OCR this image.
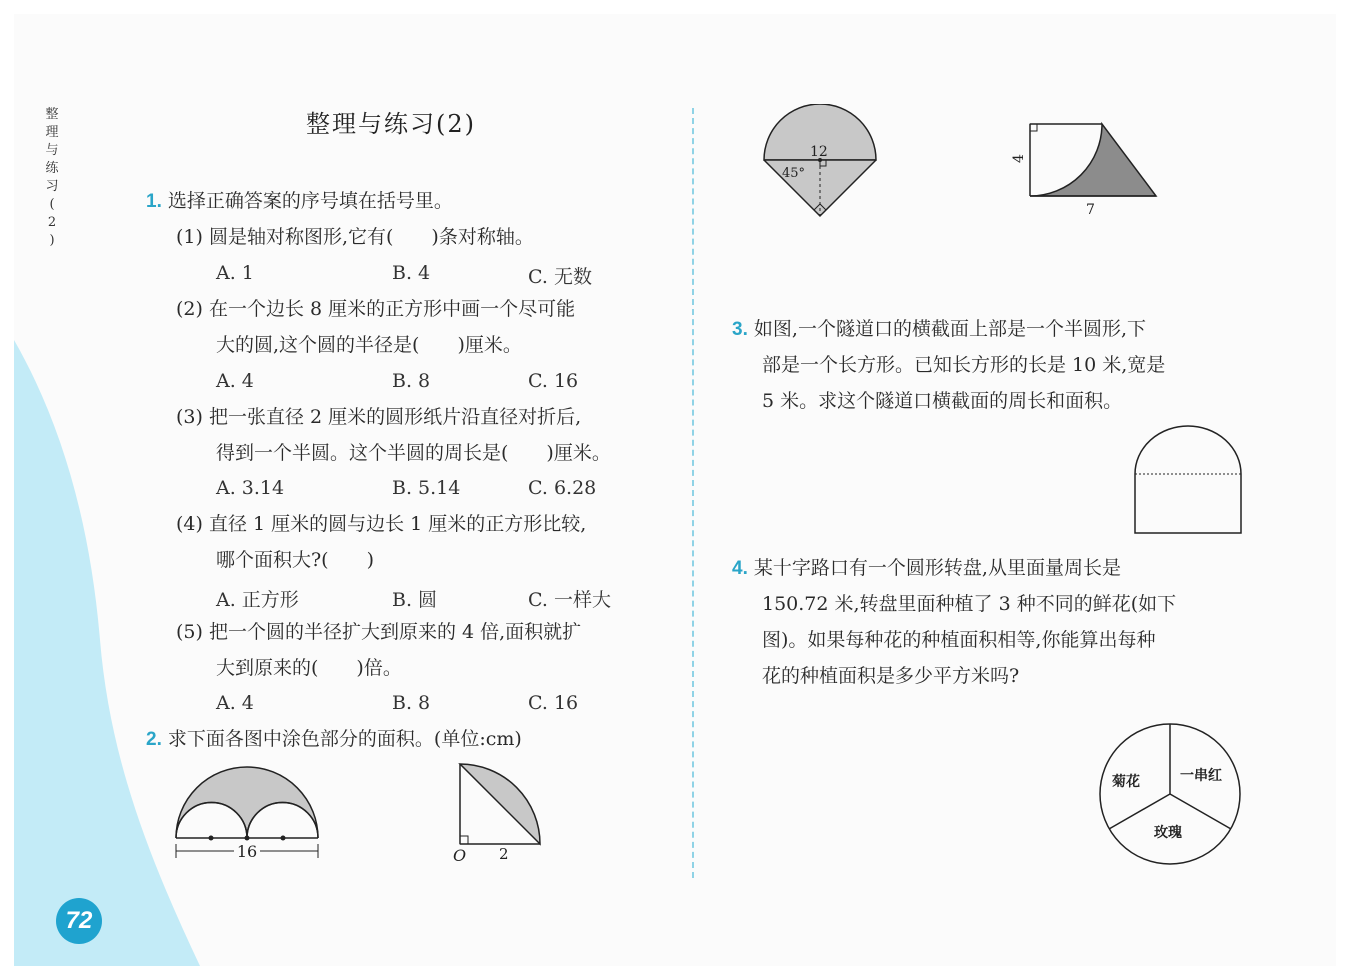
整
理
与
练
习
(
2
)
整理与练习(2)
1. 选择正确答案的序号填在括号里。
(1) 圆是轴对称图形,它有(　　)条对称轴。
A. 1	B. 4	C. 无数
(2) 在一个边长 8 厘米的正方形中画一个尽可能
大的圆,这个圆的半径是(　　)厘米。
A. 4	B. 8	C. 16
(3) 把一张直径 2 厘米的圆形纸片沿直径对折后,
得到一个半圆。这个半圆的周长是(　　)厘米。
A. 3.14	B. 5.14	C. 6.28
(4) 直径 1 厘米的圆与边长 1 厘米的正方形比较,
哪个面积大?(　　)
A. 正方形	B. 圆	C. 一样大
(5) 把一个圆的半径扩大到原来的 4 倍,面积就扩
大到原来的(　　)倍。
A. 4	B. 8	C. 16
2. 求下面各图中涂色部分的面积。(单位:cm)
16	O 2
12
45°
4
7
3. 如图,一个隧道口的横截面上部是一个半圆形,下
部是一个长方形。已知长方形的长是 10 米,宽是
5 米。求这个隧道口横截面的周长和面积。
4. 某十字路口有一个圆形转盘,从里面量周长是
150.72 米,转盘里面种植了 3 种不同的鲜花(如下
图)。如果每种花的种植面积相等,你能算出每种
花的种植面积是多少平方米吗?
菊花	一串红
玫瑰
72
